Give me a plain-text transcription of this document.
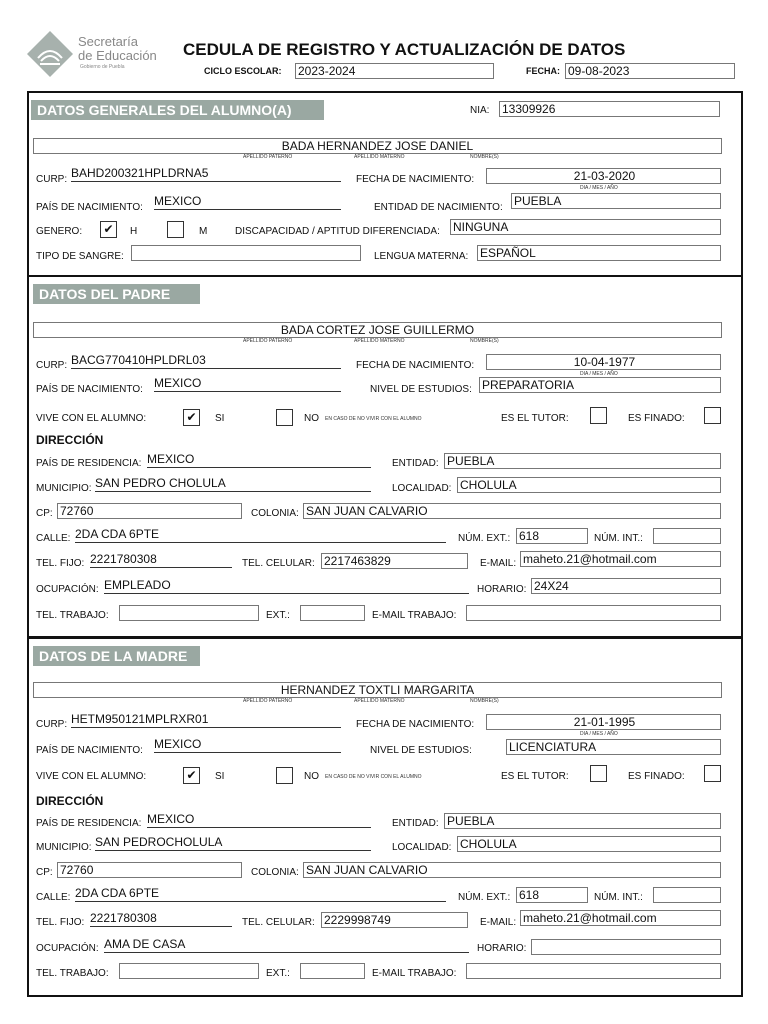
Secretaría
de Educación
Gobierno de Puebla
CEDULA DE REGISTRO Y ACTUALIZACIÓN DE DATOS
CICLO ESCOLAR: 2023-2024	FECHA: 09-08-2023
DATOS GENERALES DEL ALUMNO(A)	NIA: 13309926
BADA HERNANDEZ JOSE DANIEL
APELLIDO PATERNO	APELLIDO MATERNO	NOMBRE(S)
CURP: BAHD200321HPLDRNA5	FECHA DE NACIMIENTO:	21-03-2020
DIA / MES / AÑO
PAÍS DE NACIMIENTO: MEXICO	ENTIDAD DE NACIMIENTO: PUEBLA
GENERO: ✔	H	M	DISCAPACIDAD / APTITUD DIFERENCIADA: NINGUNA
TIPO DE SANGRE:	LENGUA MATERNA: ESPAÑOL
DATOS DEL PADRE
BADA CORTEZ JOSE GUILLERMO
APELLIDO PATERNO	APELLIDO MATERNO	NOMBRE(S)
CURP: BACG770410HPLDRL03	FECHA DE NACIMIENTO:	10-04-1977
DIA / MES / AÑO
PAÍS DE NACIMIENTO: MEXICO	NIVEL DE ESTUDIOS: PREPARATORIA
VIVE CON EL ALUMNO:	✔	SI	NO EN CASO DE NO VIVIR CON EL ALUMNO	ES EL TUTOR:	ES FINADO:
DIRECCIÓN
PAÍS DE RESIDENCIA: MEXICO	ENTIDAD: PUEBLA
MUNICIPIO: SAN PEDRO CHOLULA	LOCALIDAD: CHOLULA
CP: 72760	COLONIA: SAN JUAN CALVARIO
CALLE: 2DA CDA 6PTE	NÚM. EXT.: 618	NÚM. INT.:
TEL. FIJO: 2221780308	TEL. CELULAR: 2217463829	E-MAIL: maheto.21@hotmail.com
OCUPACIÓN: EMPLEADO	HORARIO: 24X24
TEL. TRABAJO:	EXT.:	E-MAIL TRABAJO:
DATOS DE LA MADRE
HERNANDEZ TOXTLI MARGARITA
APELLIDO PATERNO	APELLIDO MATERNO	NOMBRE(S)
CURP: HETM950121MPLRXR01	FECHA DE NACIMIENTO:	21-01-1995
DIA / MES / AÑO
PAÍS DE NACIMIENTO: MEXICO	NIVEL DE ESTUDIOS:	LICENCIATURA
VIVE CON EL ALUMNO:	✔	SI	NO EN CASO DE NO VIVIR CON EL ALUMNO	ES EL TUTOR:	ES FINADO:
DIRECCIÓN
PAÍS DE RESIDENCIA: MEXICO	ENTIDAD: PUEBLA
MUNICIPIO: SAN PEDROCHOLULA	LOCALIDAD: CHOLULA
CP: 72760	COLONIA: SAN JUAN CALVARIO
CALLE: 2DA CDA 6PTE	NÚM. EXT.: 618	NÚM. INT.:
TEL. FIJO: 2221780308	TEL. CELULAR: 2229998749	E-MAIL: maheto.21@hotmail.com
OCUPACIÓN: AMA DE CASA	HORARIO:
TEL. TRABAJO:	EXT.:	E-MAIL TRABAJO:
